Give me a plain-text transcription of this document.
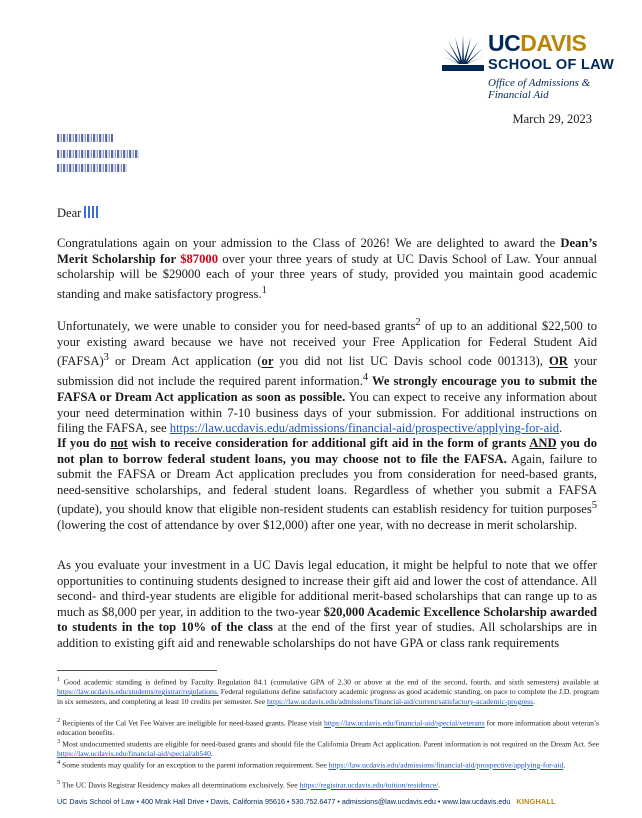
UCDAVIS
SCHOOL OF LAW
Office of Admissions &
Financial Aid
March 29, 2023
Dear

Congratulations again on your admission to the Class of 2026! We are delighted to award the Dean’s Merit Scholarship for $87000 over your three years of study at UC Davis School of Law. Your annual scholarship will be $29000 each of your three years of study, provided you maintain good academic standing and make satisfactory progress.$^1$

Unfortunately, we were unable to consider you for need-based grants$^2$ of up to an additional $22,500 to your existing award because we have not received your Free Application for Federal Student Aid (FAFSA)$^3$ or Dream Act application (or you did not list UC Davis school code 001313), OR your submission did not include the required parent information.$^4$ We strongly encourage you to submit the FAFSA or Dream Act application as soon as possible. You can expect to receive any information about your need determination within 7-10 business days of your submission. For additional instructions on filing the FAFSA, see https://law.ucdavis.edu/admissions/financial-aid/prospective/applying-for-aid.

If you do not wish to receive consideration for additional gift aid in the form of grants AND you do not plan to borrow federal student loans, you may choose not to file the FAFSA. Again, failure to submit the FAFSA or Dream Act application precludes you from consideration for need-based grants, need-sensitive scholarships, and federal student loans. Regardless of whether you submit a FAFSA (update), you should know that eligible non-resident students can establish residency for tuition purposes$^5$ (lowering the cost of attendance by over $12,000) after one year, with no decrease in merit scholarship.

As you evaluate your investment in a UC Davis legal education, it might be helpful to note that we offer opportunities to continuing students designed to increase their gift aid and lower the cost of attendance. All second- and third-year students are eligible for additional merit-based scholarships that can range up to as much as $8,000 per year, in addition to the two-year $20,000 Academic Excellence Scholarship awarded to students in the top 10% of the class at the end of the first year of studies. All scholarships are in addition to existing gift aid and renewable scholarships do not have GPA or class rank requirements

$^1$ Good academic standing is defined by Faculty Regulation 84.1 (cumulative GPA of 2.30 or above at the end of the second, fourth, and sixth semesters) available at https://law.ucdavis.edu/students/registrar/regulations. Federal regulations define satisfactory academic progress as good academic standing, on pace to complete the J.D. program in six semesters, and completing at least 10 credits per semester. See https://law.ucdavis.edu/admissions/financial-aid/current/satisfactory-academic-progress.

$^2$ Recipients of the Cal Vet Fee Waiver are ineligible for need-based grants. Please visit https://law.ucdavis.edu/financial-aid/special/veterans for more information about veteran’s education benefits.

$^3$ Most undocumented students are eligible for need-based grants and should file the California Dream Act application. Parent information is not required on the Dream Act. See https://law.ucdavis.edu/financial-aid/special/ab540.

$^4$ Some students may qualify for an exception to the parent information requirement. See https://law.ucdavis.edu/admissions/financial-aid/prospective/applying-for-aid.

$^5$ The UC Davis Registrar Residency makes all determinations exclusively. See https://registrar.ucdavis.edu/tuition/residence/.

UC Davis School of Law • 400 Mrak Hall Drive • Davis, California 95616 • 530.752.6477 • admissions@law.ucdavis.edu • www.law.ucdavis.edu KINGHALL
